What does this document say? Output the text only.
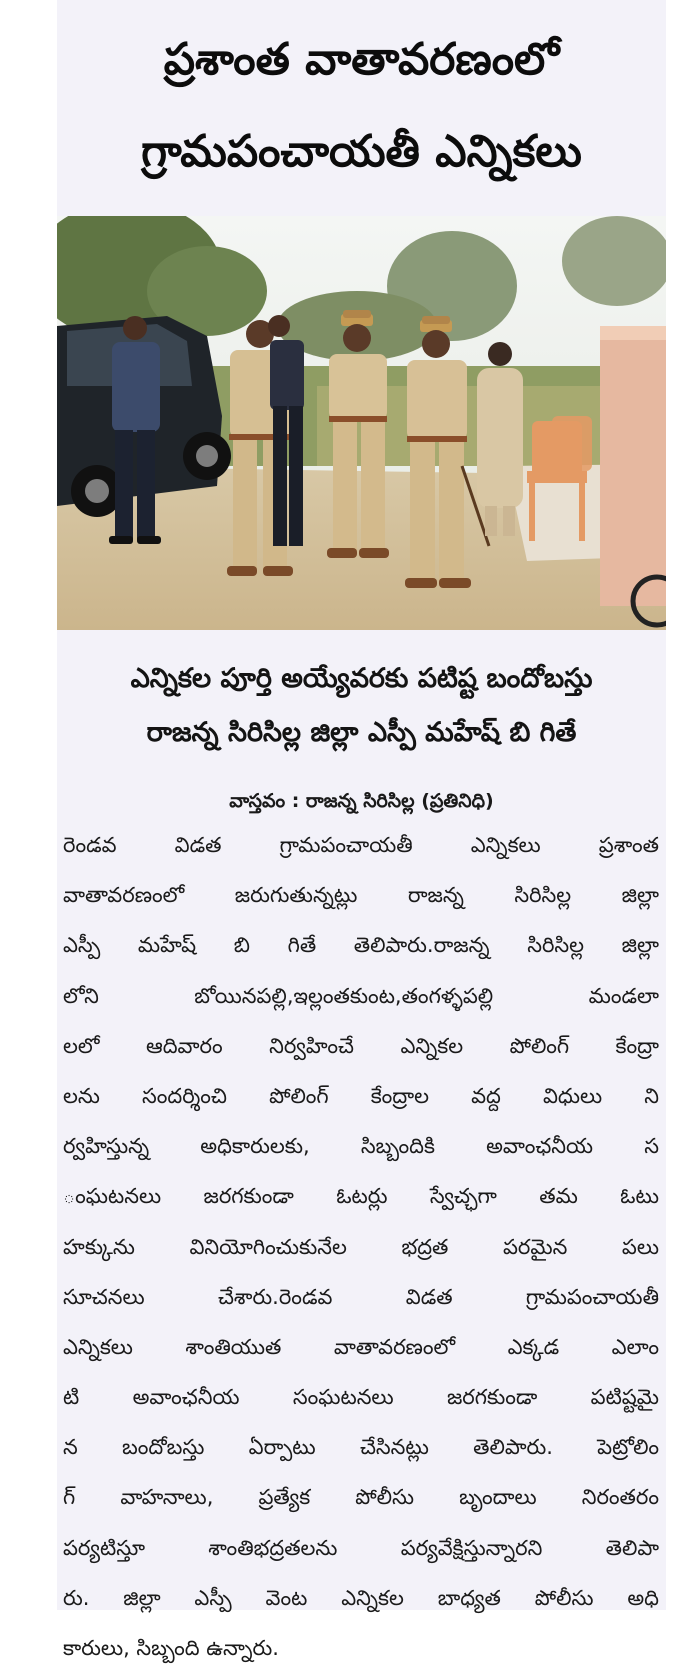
ప్రశాంత వాతావరణంలో
గ్రామపంచాయతీ ఎన్నికలు
ఎన్నికల పూర్తి అయ్యేవరకు పటిష్ట బందోబస్తు
రాజన్న సిరిసిల్ల జిల్లా ఎస్పీ మహేష్ బి గితే
వాస్తవం : రాజన్న సిరిసిల్ల (ప్రతినిధి)
రెండవ విడత గ్రామపంచాయతీ ఎన్నికలు ప్రశాంత
వాతావరణంలో జరుగుతున్నట్లు రాజన్న సిరిసిల్ల జిల్లా
ఎస్పీ మహేష్ బి గితే తెలిపారు.రాజన్న సిరిసిల్ల జిల్లా
లోని బోయినపల్లి,ఇల్లంతకుంట,తంగళ్ళపల్లి మండలా
లలో ఆదివారం నిర్వహించే ఎన్నికల పోలింగ్ కేంద్రా
లను సందర్శించి పోలింగ్ కేంద్రాల వద్ద విధులు ని
ర్వహిస్తున్న అధికారులకు, సిబ్బందికి అవాంఛనీయ స
ంఘటనలు జరగకుండా ఓటర్లు స్వేచ్ఛగా తమ ఓటు
హక్కును వినియోగించుకునేల భద్రత పరమైన పలు
సూచనలు చేశారు.రెండవ విడత గ్రామపంచాయతీ
ఎన్నికలు శాంతియుత వాతావరణంలో ఎక్కడ ఎలాం
టి అవాంఛనీయ సంఘటనలు జరగకుండా పటిష్టమై
న బందోబస్తు ఏర్పాటు చేసినట్లు తెలిపారు. పెట్రోలిం
గ్ వాహనాలు, ప్రత్యేక పోలీసు బృందాలు నిరంతరం
పర్యటిస్తూ శాంతిభద్రతలను పర్యవేక్షిస్తున్నారని తెలిపా
రు. జిల్లా ఎస్పీ వెంట ఎన్నికల బాధ్యత పోలీసు అధి
కారులు, సిబ్బంది ఉన్నారు.
